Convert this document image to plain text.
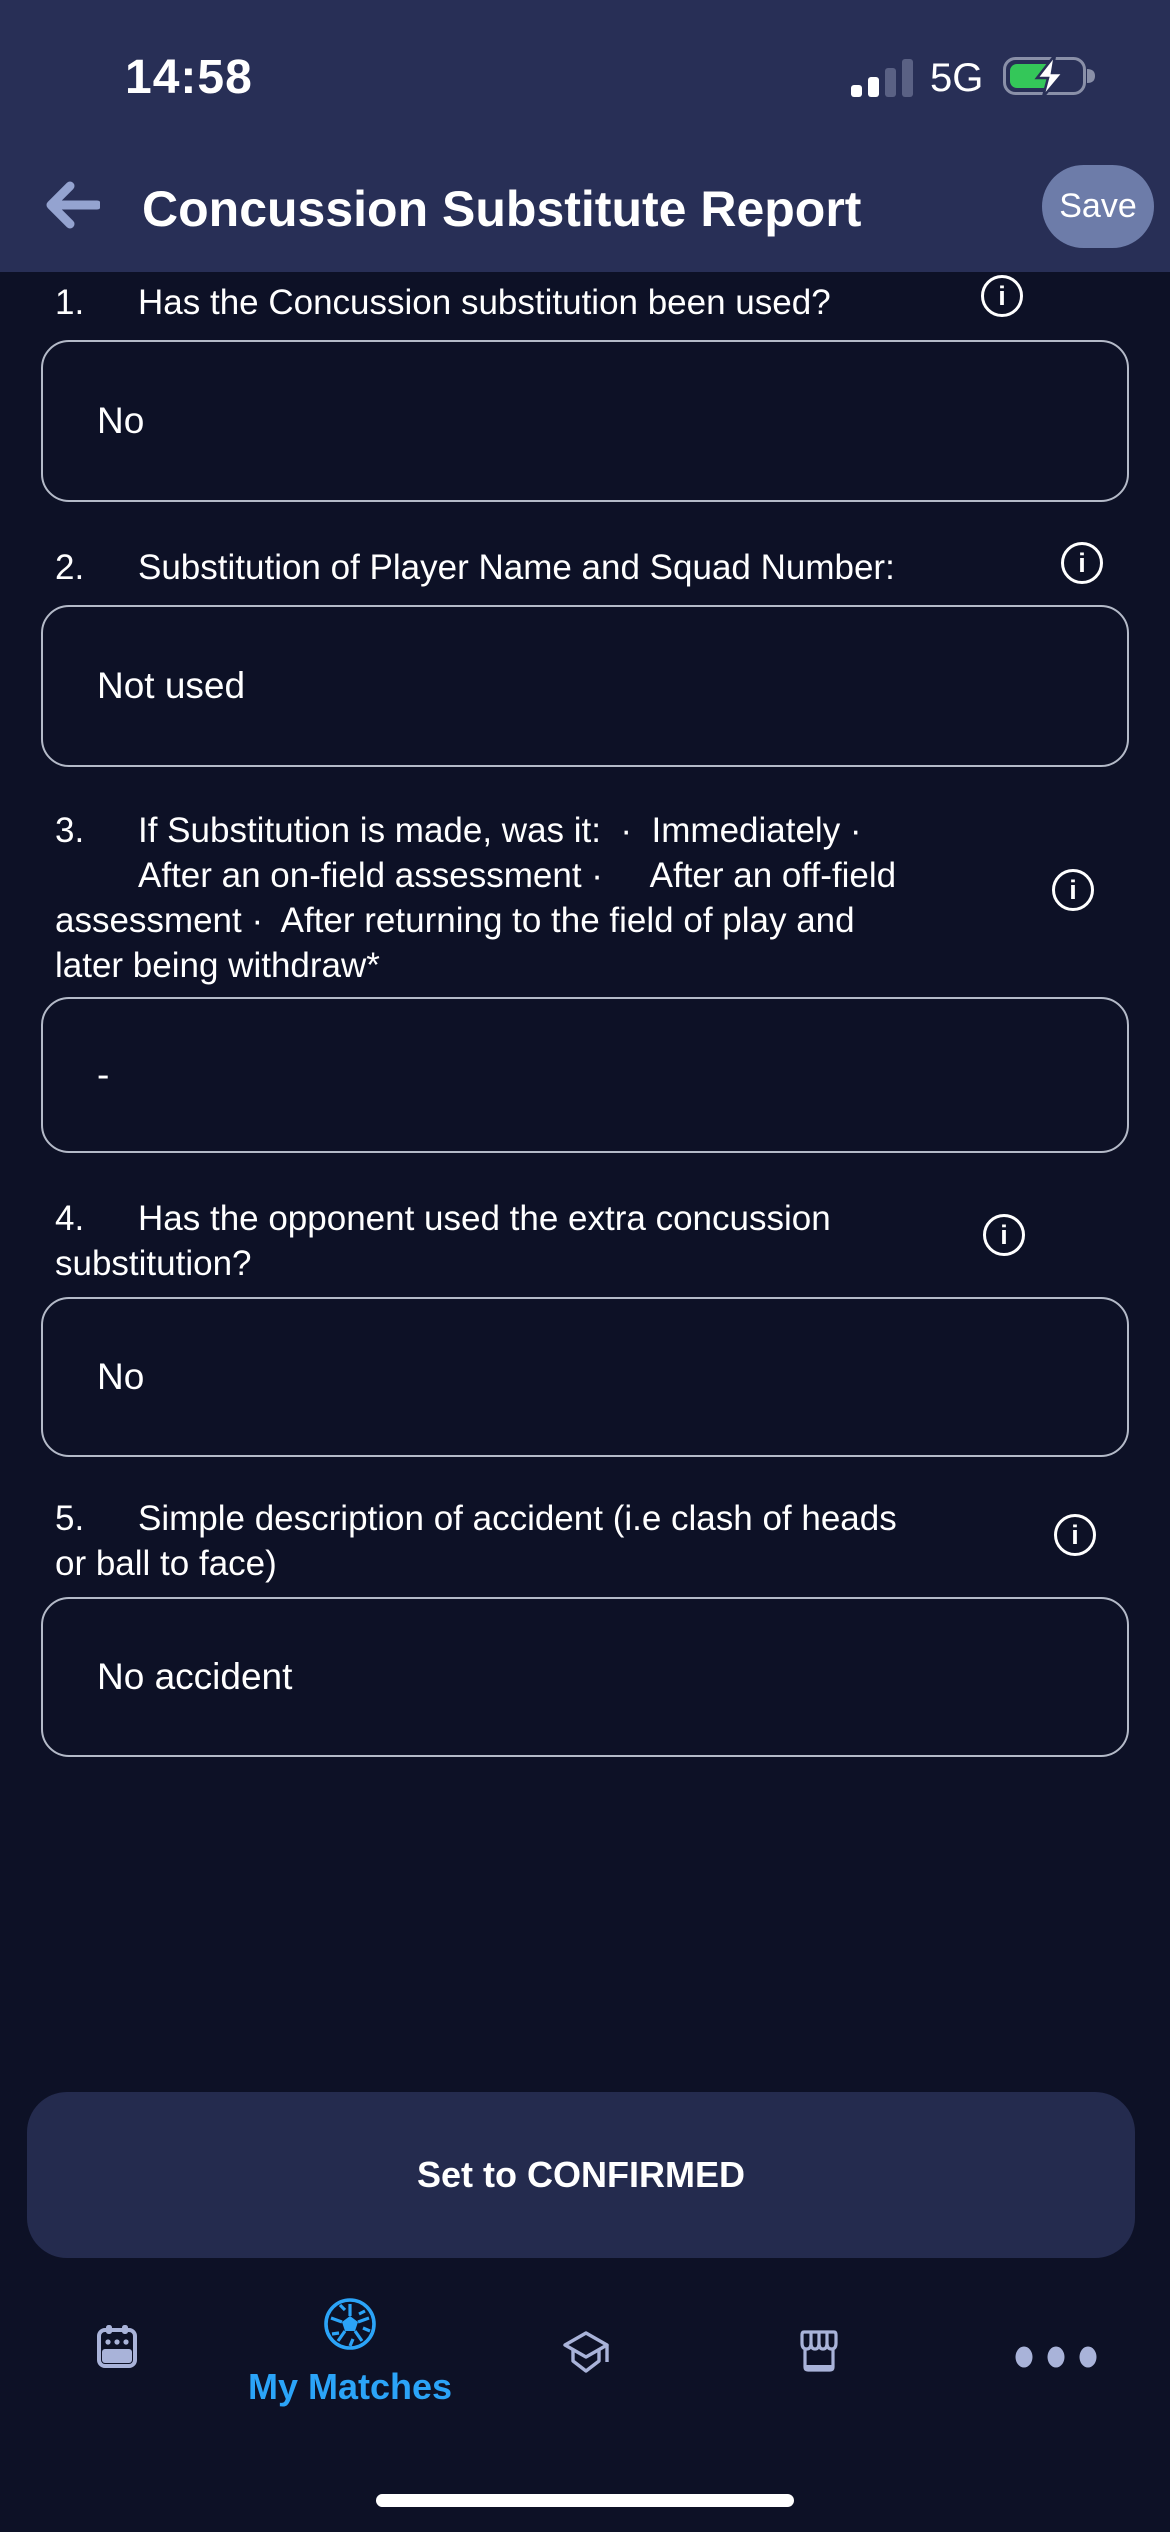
14:58	5G
Concussion Substitute Report	Save
1. Has the Concussion substitution been used?	i
No
2. Substitution of Player Name and Squad Number:	i
Not used
3. If Substitution is made, was it:  ·  Immediately ·
After an on-field assessment ·     After an off-field
assessment ·  After returning to the field of play and
later being withdraw*
i
-
4. Has the opponent used the extra concussion
substitution?
i
No
5. Simple description of accident (i.e clash of heads
or ball to face)
i
No accident
Set to CONFIRMED
My Matches
